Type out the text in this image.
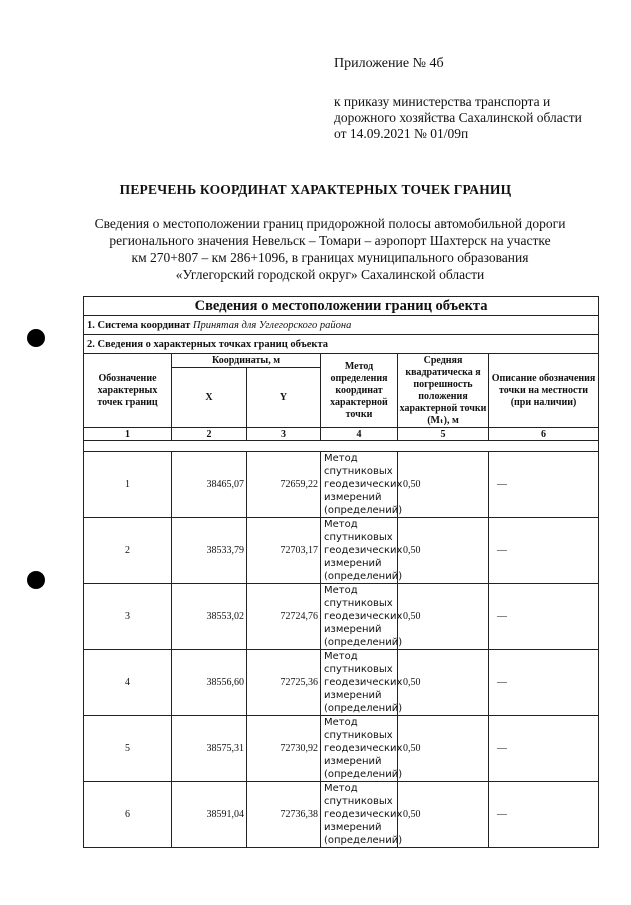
Приложение № 4б
к приказу министерства транспорта и
дорожного хозяйства Сахалинской области
от 14.09.2021 № 01/09п
ПЕРЕЧЕНЬ КООРДИНАТ ХАРАКТЕРНЫХ ТОЧЕК ГРАНИЦ
Сведения о местоположении границ придорожной полосы автомобильной дороги
регионального значения Невельск – Томари – аэропорт Шахтерск на участке
км 270+807 – км 286+1096, в границах муниципального образования
«Углегорский городской округ» Сахалинской области
Сведения о местоположении границ объекта					
1. Система координат Принятая для Углегорского района					
2. Сведения о характерных точках границ объекта					
Обозначение характерных точек границ	Координаты, м		Метод определения координат характерной точки	Средняя квадратическа я погрешность положения характерной точки (Mₜ), м	Описание обозначения точки на местности (при наличии)
	X	Y			
1	2	3	4	5	6

1	38465,07	72659,22	Метод спутниковых геодезических измерений (определений)	0,50	—
2	38533,79	72703,17	Метод спутниковых геодезических измерений (определений)	0,50	—
3	38553,02	72724,76	Метод спутниковых геодезических измерений (определений)	0,50	—
4	38556,60	72725,36	Метод спутниковых геодезических измерений (определений)	0,50	—
5	38575,31	72730,92	Метод спутниковых геодезических измерений (определений)	0,50	—
6	38591,04	72736,38	Метод спутниковых геодезических измерений (определений)	0,50	—
